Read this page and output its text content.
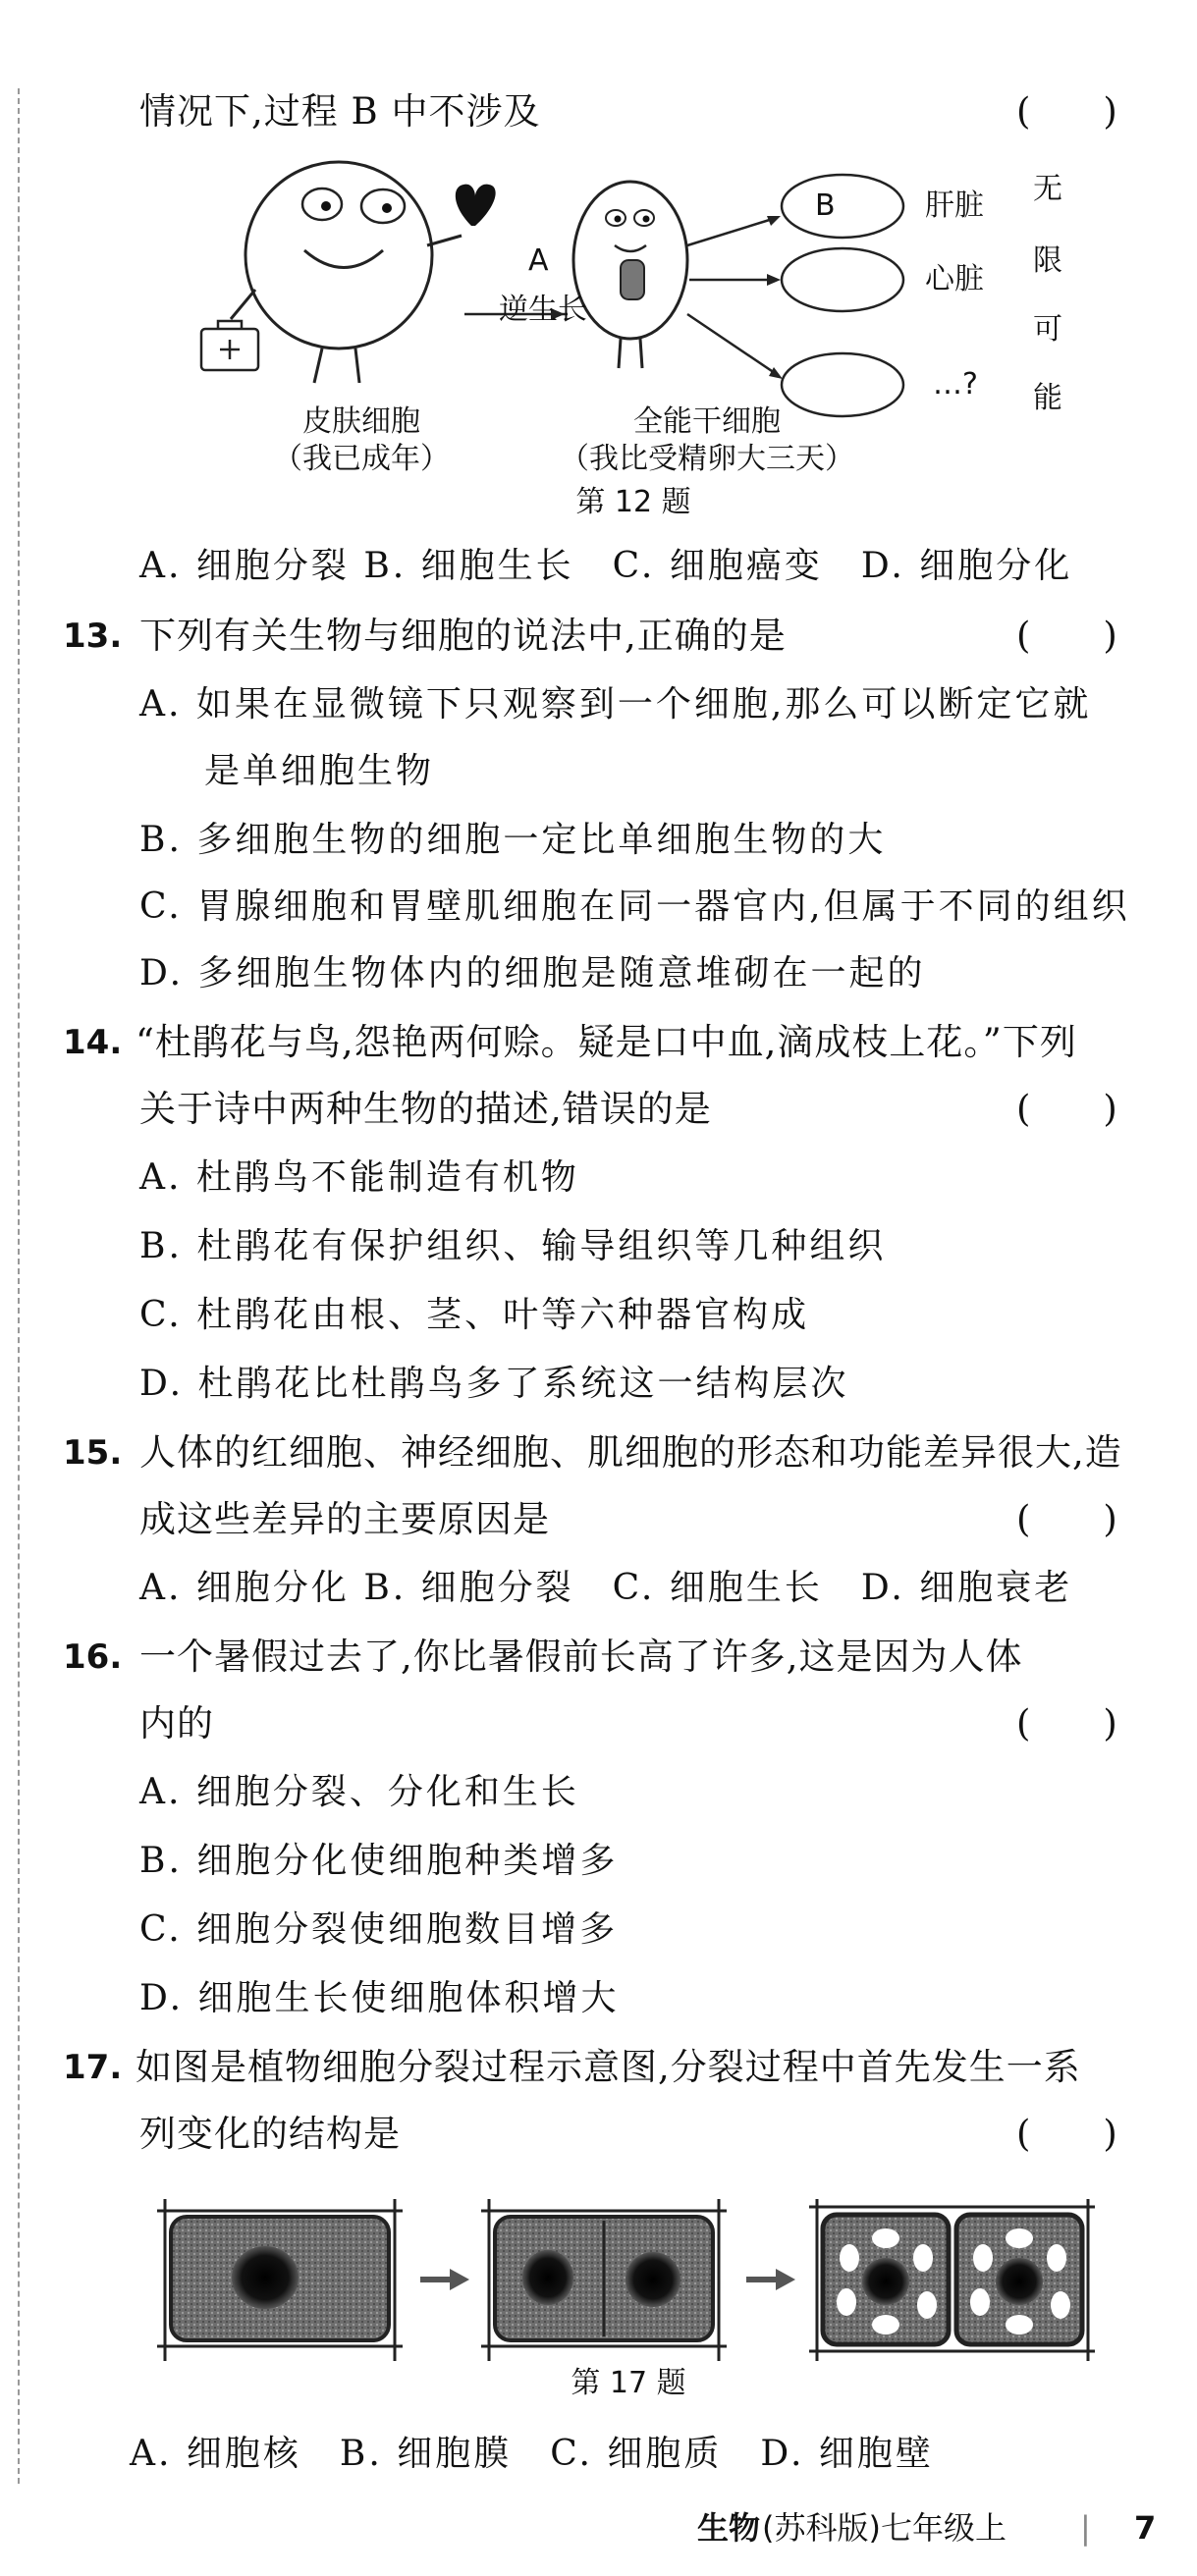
情况下,过程 B 中不涉及	(　　)
A
逆生长
B	肝脏
心脏
…?
无
限
可
能
皮肤细胞
（我已成年）
全能干细胞
（我比受精卵大三天）
第 12 题
A. 细胞分裂 B. 细胞生长　C. 细胞癌变　D. 细胞分化
13. 下列有关生物与细胞的说法中,正确的是	(　　)
A. 如果在显微镜下只观察到一个细胞,那么可以断定它就
是单细胞生物
B. 多细胞生物的细胞一定比单细胞生物的大
C. 胃腺细胞和胃壁肌细胞在同一器官内,但属于不同的组织
D. 多细胞生物体内的细胞是随意堆砌在一起的
14. “杜鹃花与鸟,怨艳两何赊。疑是口中血,滴成枝上花。”下列
关于诗中两种生物的描述,错误的是	(　　)
A. 杜鹃鸟不能制造有机物
B. 杜鹃花有保护组织、输导组织等几种组织
C. 杜鹃花由根、茎、叶等六种器官构成
D. 杜鹃花比杜鹃鸟多了系统这一结构层次
15. 人体的红细胞、神经细胞、肌细胞的形态和功能差异很大,造
成这些差异的主要原因是	(　　)
A. 细胞分化 B. 细胞分裂　C. 细胞生长　D. 细胞衰老
16. 一个暑假过去了,你比暑假前长高了许多,这是因为人体
内的	(　　)
A. 细胞分裂、分化和生长
B. 细胞分化使细胞种类增多
C. 细胞分裂使细胞数目增多
D. 细胞生长使细胞体积增大
17. 如图是植物细胞分裂过程示意图,分裂过程中首先发生一系
列变化的结构是	(　　)
第 17 题
A. 细胞核　B. 细胞膜　C. 细胞质　D. 细胞壁
生物 (苏科版)七年级上 | 7
